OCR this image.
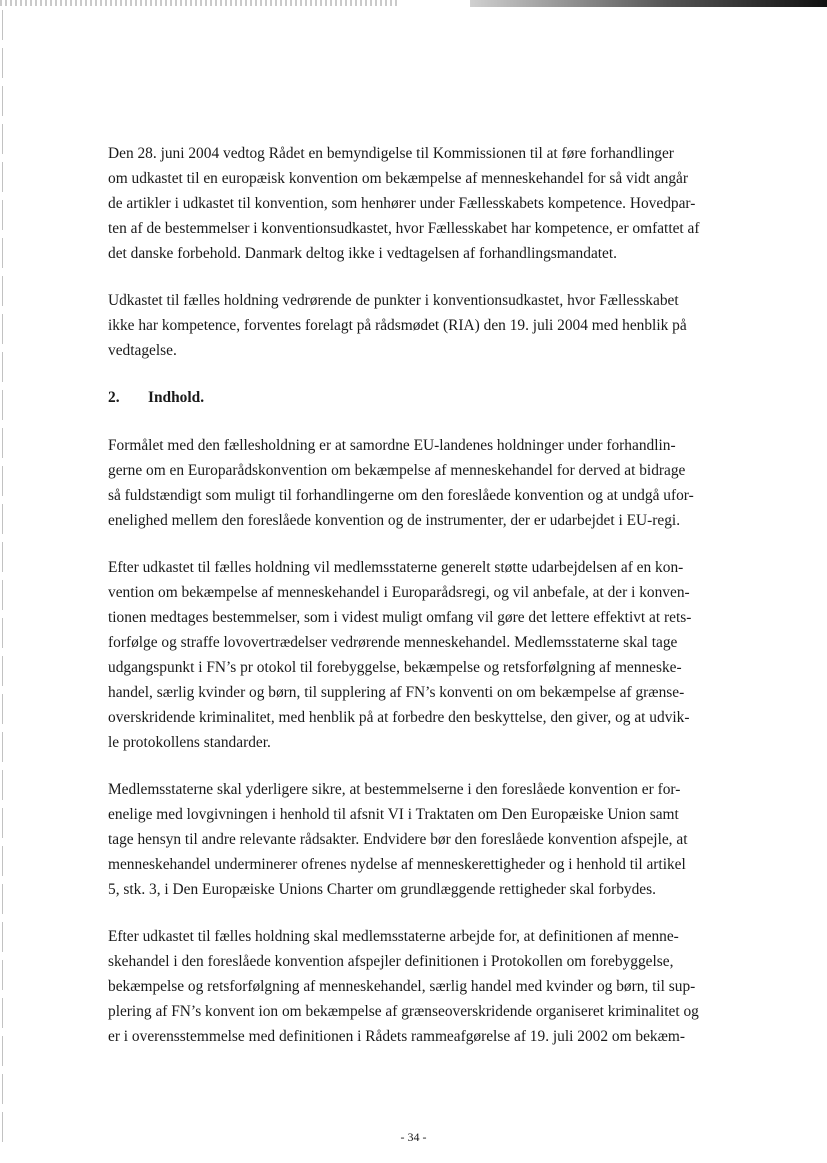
Den 28. juni 2004 vedtog Rådet en bemyndigelse til Kommissionen til at føre forhandlinger
om udkastet til en europæisk konvention om bekæmpelse af menneskehandel for så vidt angår
de artikler i udkastet til konvention, som henhører under Fællesskabets kompetence. Hovedpar-
ten af de bestemmelser i konventionsudkastet, hvor Fællesskabet har kompetence, er omfattet af
det danske forbehold. Danmark deltog ikke i vedtagelsen af forhandlingsmandatet.

Udkastet til fælles holdning vedrørende de punkter i konventionsudkastet, hvor Fællesskabet
ikke har kompetence, forventes forelagt på rådsmødet (RIA) den 19. juli 2004 med henblik på
vedtagelse.

2. Indhold.

Formålet med den fællesholdning er at samordne EU-landenes holdninger under forhandlin-
gerne om en Europarådskonvention om bekæmpelse af menneskehandel for derved at bidrage
så fuldstændigt som muligt til forhandlingerne om den foreslåede konvention og at undgå ufor-
enelighed mellem den foreslåede konvention og de instrumenter, der er udarbejdet i EU-regi.

Efter udkastet til fælles holdning vil medlemsstaterne generelt støtte udarbejdelsen af en kon-
vention om bekæmpelse af menneskehandel i Europarådsregi, og vil anbefale, at der i konven-
tionen medtages bestemmelser, som i videst muligt omfang vil gøre det lettere effektivt at rets-
forfølge og straffe lovovertrædelser vedrørende menneskehandel. Medlemsstaterne skal tage
udgangspunkt i FN’s pr otokol til forebyggelse, bekæmpelse og retsforfølgning af menneske-
handel, særlig kvinder og børn, til supplering af FN’s konventi on om bekæmpelse af grænse-
overskridende kriminalitet, med henblik på at forbedre den beskyttelse, den giver, og at udvik-
le protokollens standarder.

Medlemsstaterne skal yderligere sikre, at bestemmelserne i den foreslåede konvention er for-
enelige med lovgivningen i henhold til afsnit VI i Traktaten om Den Europæiske Union samt
tage hensyn til andre relevante rådsakter. Endvidere bør den foreslåede konvention afspejle, at
menneskehandel underminerer ofrenes nydelse af menneskerettigheder og i henhold til artikel
5, stk. 3, i Den Europæiske Unions Charter om grundlæggende rettigheder skal forbydes.

Efter udkastet til fælles holdning skal medlemsstaterne arbejde for, at definitionen af menne-
skehandel i den foreslåede konvention afspejler definitionen i Protokollen om forebyggelse,
bekæmpelse og retsforfølgning af menneskehandel, særlig handel med kvinder og børn, til sup-
plering af FN’s konvent ion om bekæmpelse af grænseoverskridende organiseret kriminalitet og
er i overensstemmelse med definitionen i Rådets rammeafgørelse af 19. juli 2002 om bekæm-

- 34 -
